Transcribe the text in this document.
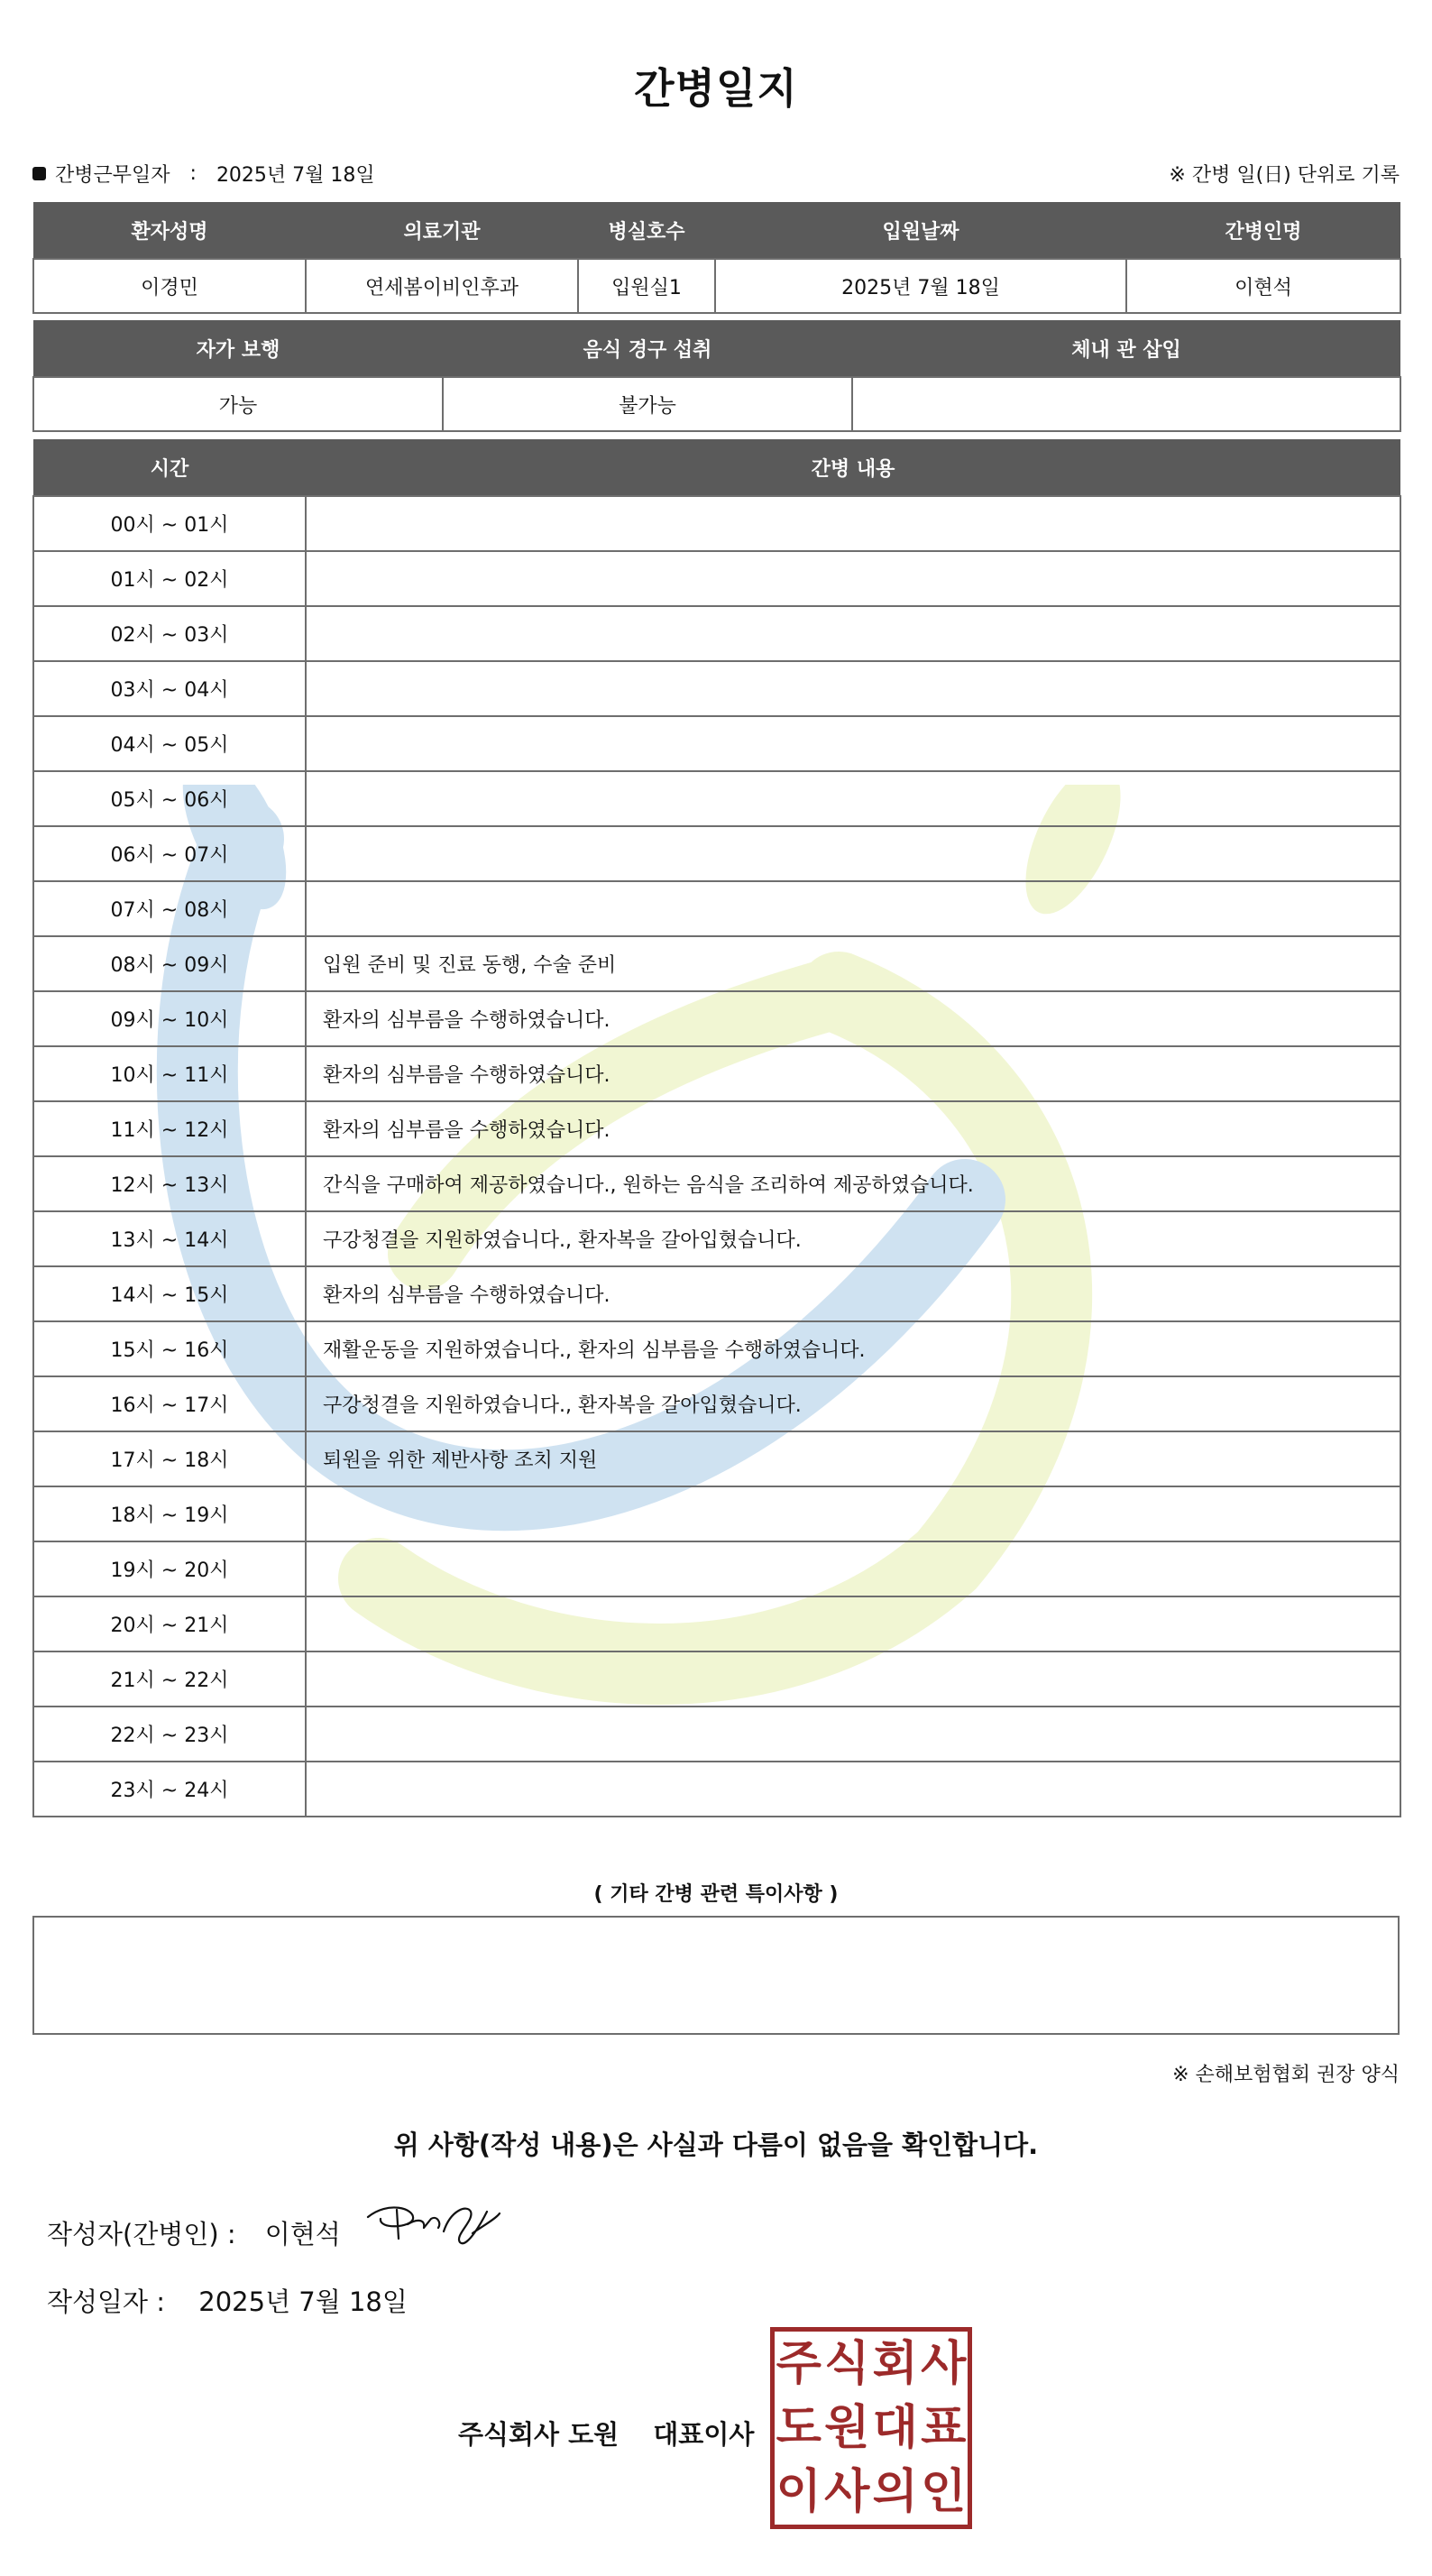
간병일지
간병근무일자 : 2025년 7월 18일	※ 간병 일(日) 단위로 기록
환자성명	의료기관	병실호수	입원날짜	간병인명
이경민	연세봄이비인후과	입원실1	2025년 7월 18일	이현석
자가 보행	음식 경구 섭취	체내 관 삽입
가능	불가능	
시간	간병 내용
00시 ~ 01시	
01시 ~ 02시	
02시 ~ 03시	
03시 ~ 04시	
04시 ~ 05시	
05시 ~ 06시	
06시 ~ 07시	
07시 ~ 08시	
08시 ~ 09시	입원 준비 및 진료 동행, 수술 준비
09시 ~ 10시	환자의 심부름을 수행하였습니다.
10시 ~ 11시	환자의 심부름을 수행하였습니다.
11시 ~ 12시	환자의 심부름을 수행하였습니다.
12시 ~ 13시	간식을 구매하여 제공하였습니다., 원하는 음식을 조리하여 제공하였습니다.
13시 ~ 14시	구강청결을 지원하였습니다., 환자복을 갈아입혔습니다.
14시 ~ 15시	환자의 심부름을 수행하였습니다.
15시 ~ 16시	재활운동을 지원하였습니다., 환자의 심부름을 수행하였습니다.
16시 ~ 17시	구강청결을 지원하였습니다., 환자복을 갈아입혔습니다.
17시 ~ 18시	퇴원을 위한 제반사항 조치 지원
18시 ~ 19시	
19시 ~ 20시	
20시 ~ 21시	
21시 ~ 22시	
22시 ~ 23시	
23시 ~ 24시	
( 기타 간병 관련 특이사항 )
※ 손해보험협회 권장 양식
위 사항(작성 내용)은 사실과 다름이 없음을 확인합니다.
작성자(간병인) : 이현석
작성일자 : 2025년 7월 18일
주식회사 도원 대표이사
주 식 회 사
도 원 대 표
이 사 의 인
